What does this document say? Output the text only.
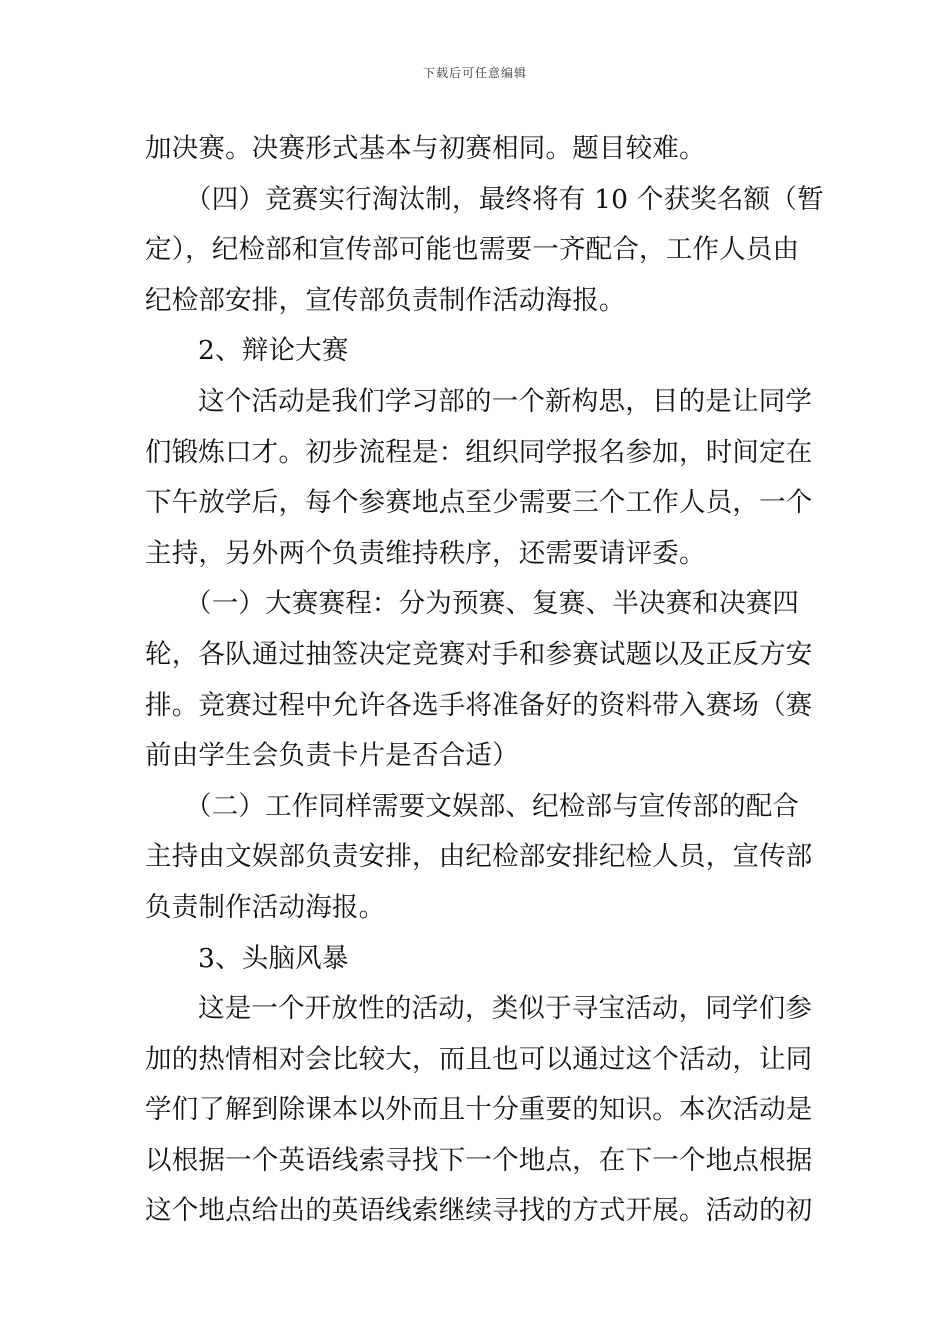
下载后可任意编辑
加决赛。决赛形式基本与初赛相同。题目较难。
（四）竞赛实行淘汰制，最终将有 10 个获奖名额（暂
定），纪检部和宣传部可能也需要一齐配合，工作人员由
纪检部安排，宣传部负责制作活动海报。
2、辩论大赛
这个活动是我们学习部的一个新构思，目的是让同学
们锻炼口才。初步流程是：组织同学报名参加，时间定在
下午放学后，每个参赛地点至少需要三个工作人员，一个
主持，另外两个负责维持秩序，还需要请评委。
（一）大赛赛程：分为预赛、复赛、半决赛和决赛四
轮，各队通过抽签决定竞赛对手和参赛试题以及正反方安
排。竞赛过程中允许各选手将准备好的资料带入赛场（赛
前由学生会负责卡片是否合适）
（二）工作同样需要文娱部、纪检部与宣传部的配合
主持由文娱部负责安排，由纪检部安排纪检人员，宣传部
负责制作活动海报。
3、头脑风暴
这是一个开放性的活动，类似于寻宝活动，同学们参
加的热情相对会比较大，而且也可以通过这个活动，让同
学们了解到除课本以外而且十分重要的知识。本次活动是
以根据一个英语线索寻找下一个地点，在下一个地点根据
这个地点给出的英语线索继续寻找的方式开展。活动的初
